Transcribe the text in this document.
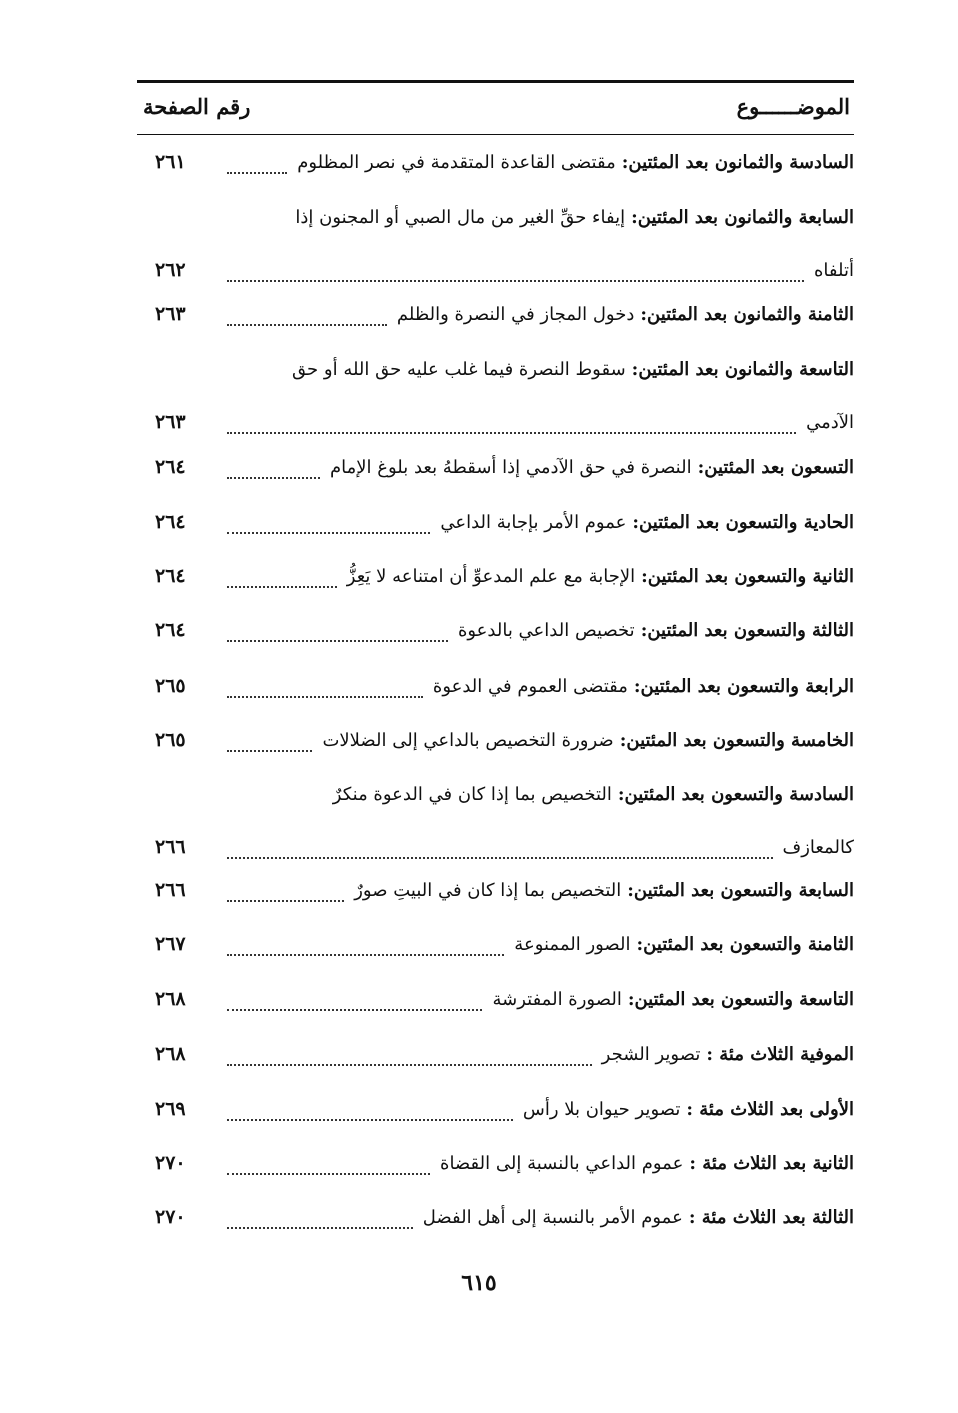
الموضــــــوع
رقم الصفحة
السادسة والثمانون بعد المئتين:
مقتضى القاعدة المتقدمة في نصر المظلوم
٢٦١
السابعة والثمانون بعد المئتين:
إيفاء حقِّ الغير من مال الصبي أو المجنون إذا
أتلفاه
٢٦٢
الثامنة والثمانون بعد المئتين:
دخول المجاز في النصرة والظلم
٢٦٣
التاسعة والثمانون بعد المئتين:
سقوط النصرة فيما غلب عليه حق الله أو حق
الآدمي
٢٦٣
التسعون بعد المئتين:
النصرة في حق الآدمي إذا أسقطهُ بعد بلوغ الإمام
٢٦٤
الحادية والتسعون بعد المئتين:
عموم الأمر بإجابة الداعي
٢٦٤
الثانية والتسعون بعد المئتين:
الإجابة مع علم المدعوِّ أن امتناعه لا يَعِزُّ
٢٦٤
الثالثة والتسعون بعد المئتين:
تخصيص الداعي بالدعوة
٢٦٤
الرابعة والتسعون بعد المئتين:
مقتضى العموم في الدعوة
٢٦٥
الخامسة والتسعون بعد المئتين:
ضرورة التخصيص بالداعي إلى الضلالات
٢٦٥
السادسة والتسعون بعد المئتين:
التخصيص بما إذا كان في الدعوة منكرٌ
كالمعازف
٢٦٦
السابعة والتسعون بعد المئتين:
التخصيص بما إذا كان في البيتِ صورٌ
٢٦٦
الثامنة والتسعون بعد المئتين:
الصور الممنوعة
٢٦٧
التاسعة والتسعون بعد المئتين:
الصورة المفترشة
٢٦٨
الموفية الثلاث مئة :
تصوير الشجر
٢٦٨
الأولى بعد الثلاث مئة :
تصوير حيوان بلا رأس
٢٦٩
الثانية بعد الثلاث مئة :
عموم الداعي بالنسبة إلى القضاة
٢٧٠
الثالثة بعد الثلاث مئة :
عموم الأمر بالنسبة إلى أهل الفضل
٢٧٠
٦١٥
